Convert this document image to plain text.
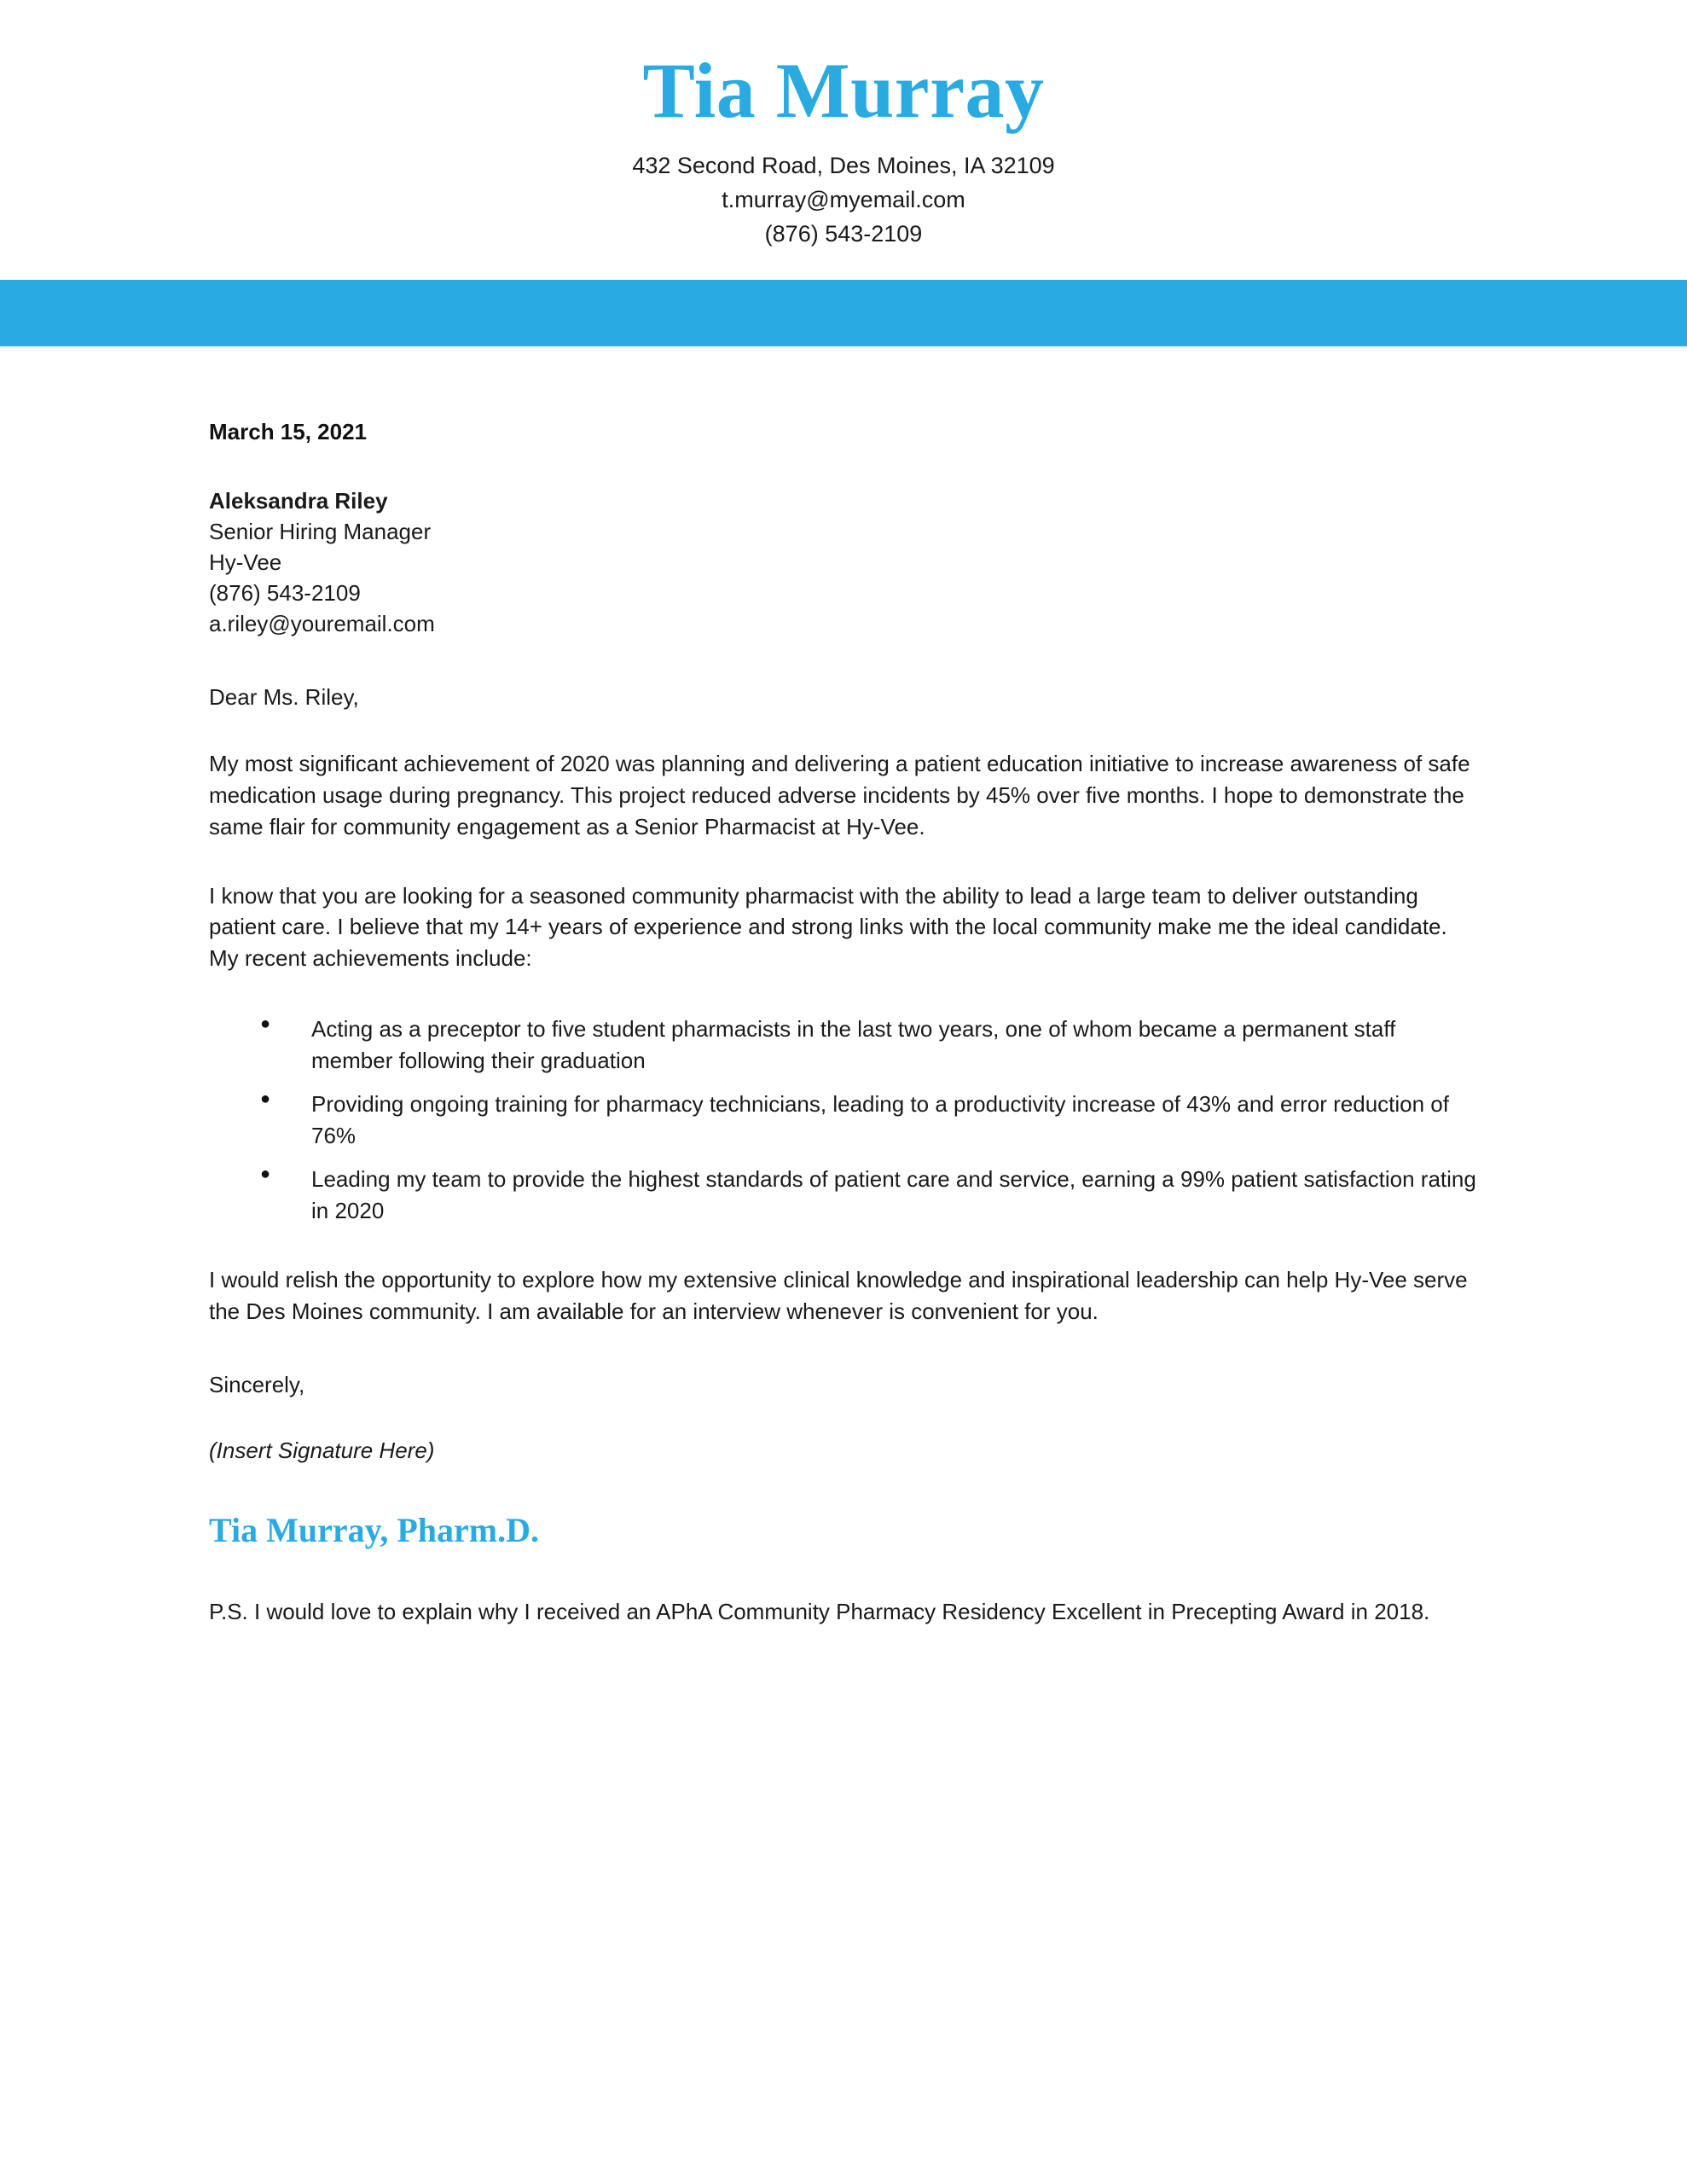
Tia Murray
432 Second Road, Des Moines, IA 32109
t.murray@myemail.com
(876) 543-2109
March 15, 2021
Aleksandra Riley
Senior Hiring Manager
Hy-Vee
(876) 543-2109
a.riley@youremail.com
Dear Ms. Riley,

My most significant achievement of 2020 was planning and delivering a patient education initiative to increase awareness of safe medication usage during pregnancy. This project reduced adverse incidents by 45% over five months. I hope to demonstrate the same flair for community engagement as a Senior Pharmacist at Hy-Vee.

I know that you are looking for a seasoned community pharmacist with the ability to lead a large team to deliver outstanding patient care. I believe that my 14+ years of experience and strong links with the local community make me the ideal candidate. My recent achievements include:

● Acting as a preceptor to five student pharmacists in the last two years, one of whom became a permanent staff member following their graduation
● Providing ongoing training for pharmacy technicians, leading to a productivity increase of 43% and error reduction of 76%
● Leading my team to provide the highest standards of patient care and service, earning a 99% patient satisfaction rating in 2020

I would relish the opportunity to explore how my extensive clinical knowledge and inspirational leadership can help Hy-Vee serve the Des Moines community. I am available for an interview whenever is convenient for you.

Sincerely,
(Insert Signature Here)
Tia Murray, Pharm.D.

P.S. I would love to explain why I received an APhA Community Pharmacy Residency Excellent in Precepting Award in 2018.
